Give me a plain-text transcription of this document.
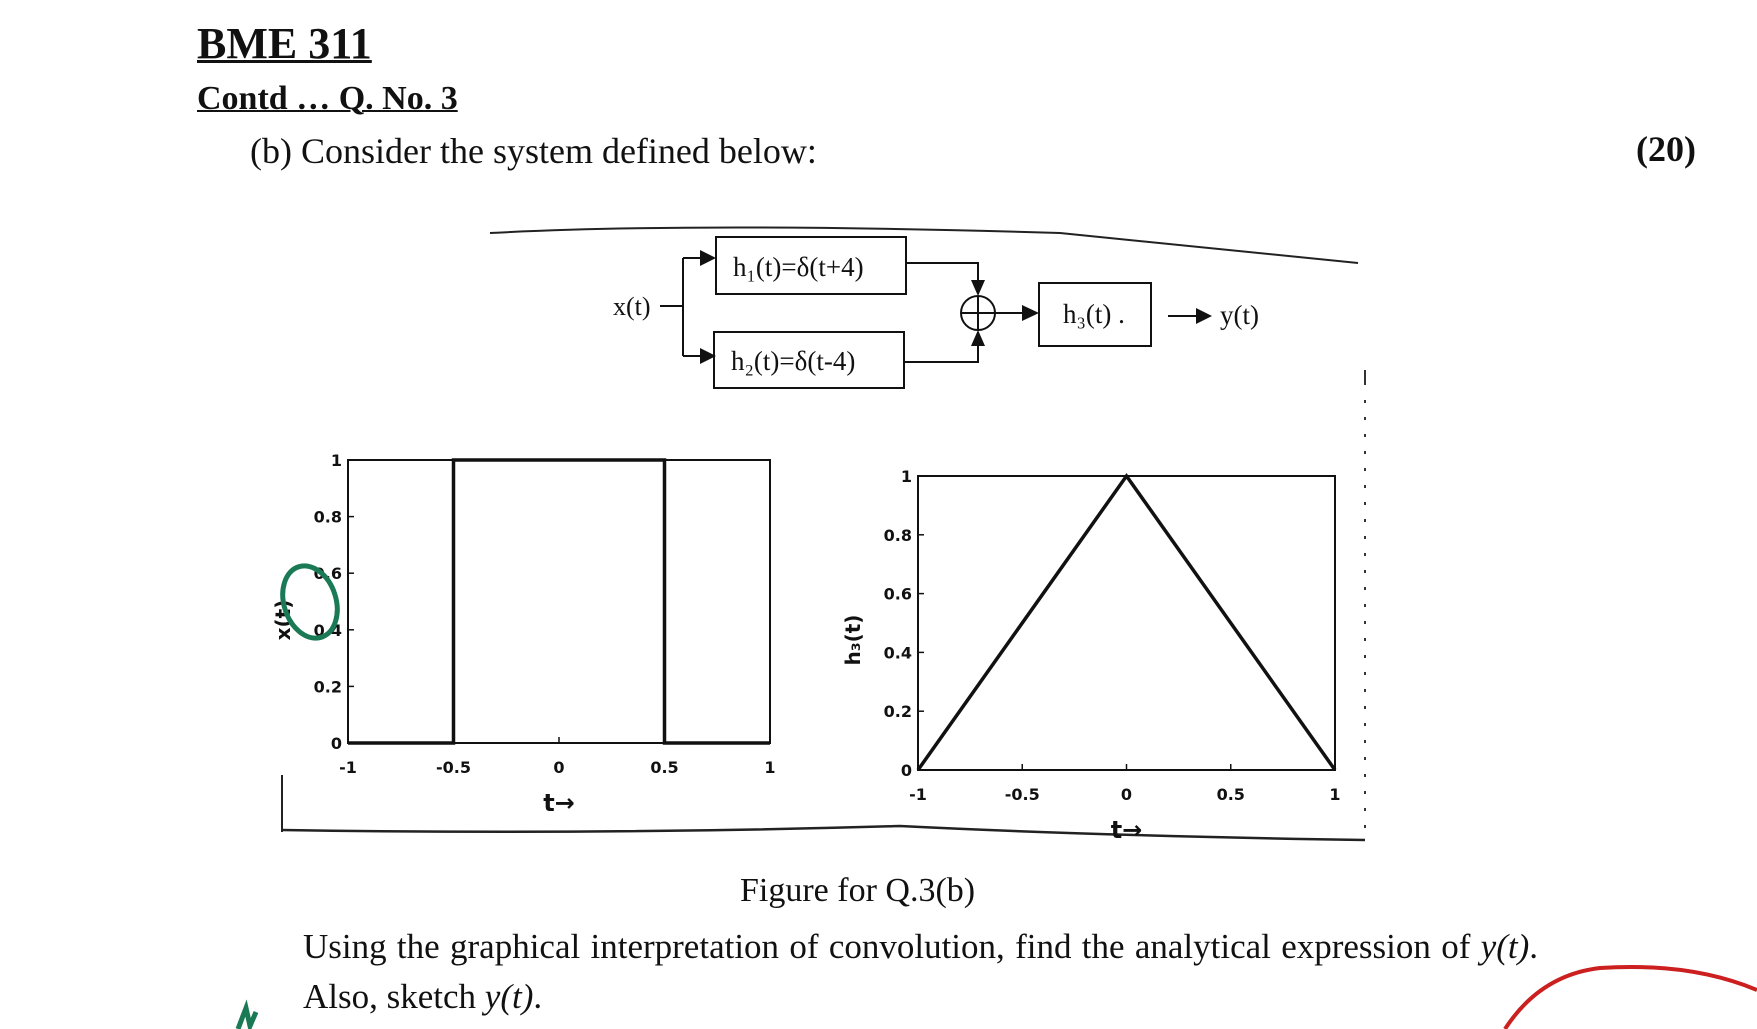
BME 311
Contd … Q. No. 3
(b) Consider the system defined below:	(20)
x(t)
h₁(t)=δ(t+4)
h₂(t)=δ(t-4)
h₃(t) .	y(t)
-1	-0.5	0	0.5	1
0
0.2
0.4
0.6
0.8
1
t→
x(t)
-1	-0.5	0	0.5	1
0
0.2
0.4
0.6
0.8
1
t→
h₃(t)
Figure for Q.3(b)
Using the graphical interpretation of convolution, find the analytical expression of y(t). Also, sketch y(t).
